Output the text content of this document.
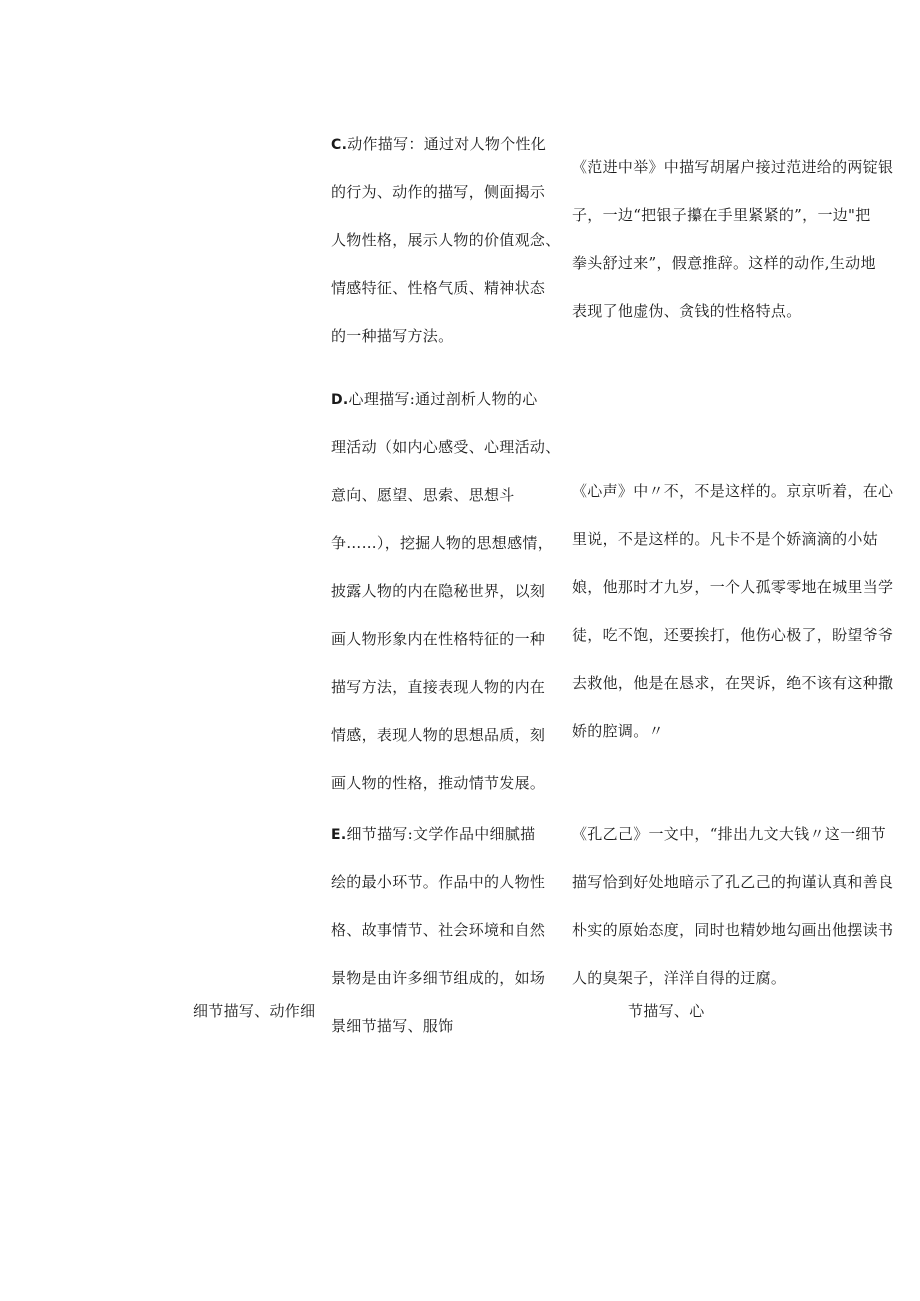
C.动作描写：通过对人物个性化
的行为、动作的描写，侧面揭示
人物性格，展示人物的价值观念、
情感特征、性格气质、精神状态
的一种描写方法。
《范进中举》中描写胡屠户接过范进给的两锭银
子，一边“把银子攥在手里紧紧的”，一边"把
拳头舒过来”，假意推辞。这样的动作,生动地
表现了他虚伪、贪钱的性格特点。
D.心理描写:通过剖析人物的心
理活动（如内心感受、心理活动、
意向、愿望、思索、思想斗
争……），挖掘人物的思想感情，
披露人物的内在隐秘世界，以刻
画人物形象内在性格特征的一种
描写方法，直接表现人物的内在
情感，表现人物的思想品质，刻
画人物的性格，推动情节发展。
《心声》中〃不，不是这样的。京京听着，在心
里说，不是这样的。凡卡不是个娇滴滴的小姑
娘，他那时才九岁，一个人孤零零地在城里当学
徒，吃不饱，还要挨打，他伤心极了，盼望爷爷
去救他，他是在恳求，在哭诉，绝不该有这种撒
娇的腔调。〃
E.细节描写:文学作品中细腻描
绘的最小环节。作品中的人物性
格、故事情节、社会环境和自然
景物是由许多细节组成的，如场
景细节描写、服饰
《孔乙己》一文中，“排出九文大钱〃这一细节
描写恰到好处地暗示了孔乙己的拘谨认真和善良
朴实的原始态度，同时也精妙地勾画出他摆读书
人的臭架子，洋洋自得的迂腐。
细节描写、动作细	节描写、心
